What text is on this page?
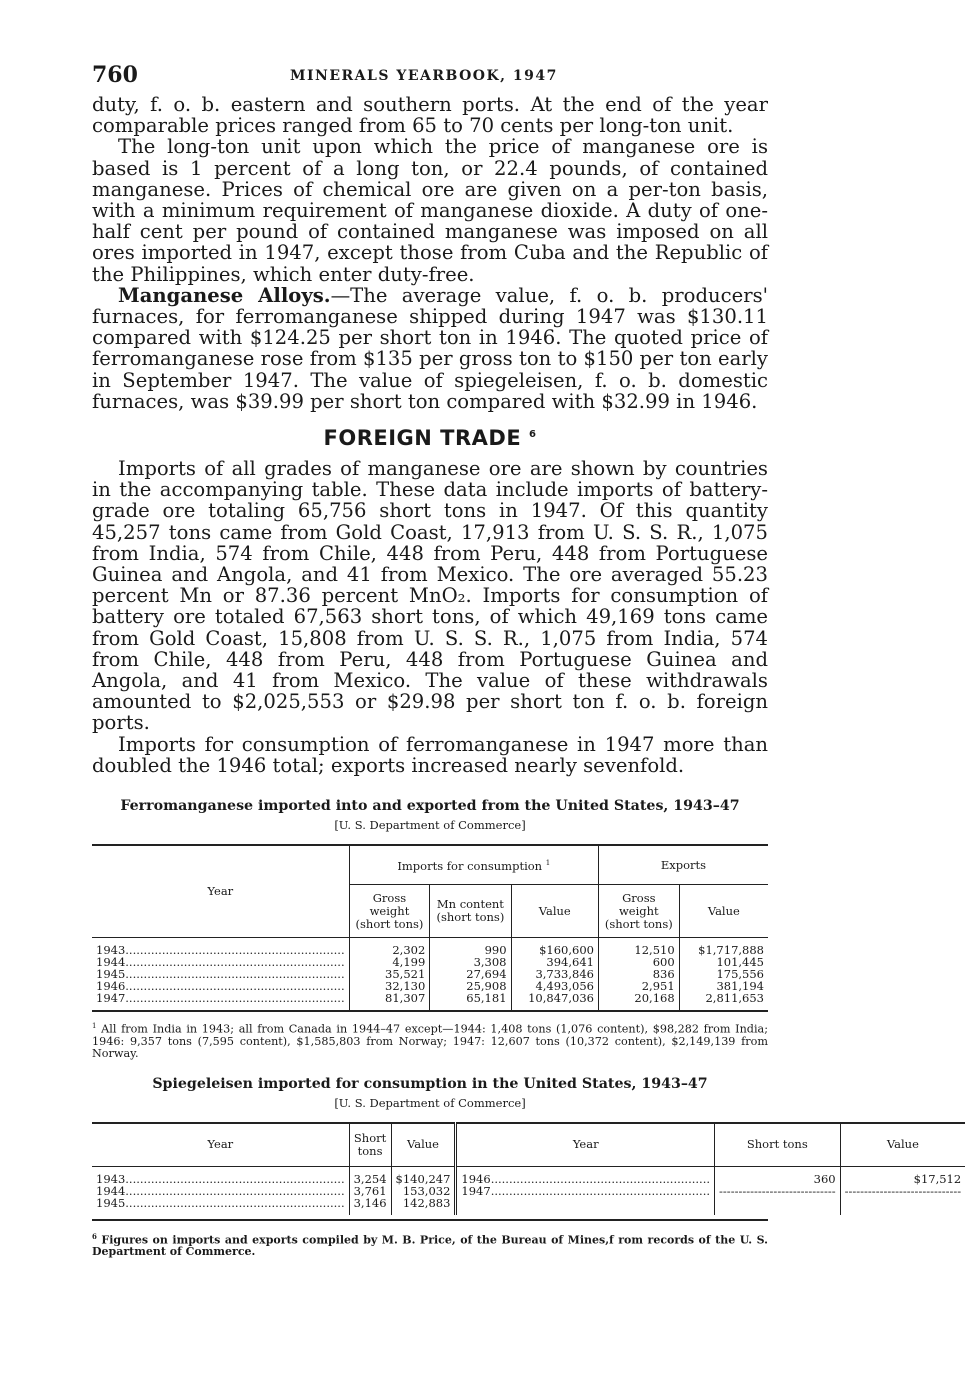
760	MINERALS YEARBOOK, 1947

duty, f. o. b. eastern and southern ports. At the end of the year comparable prices ranged from 65 to 70 cents per long-ton unit.

The long-ton unit upon which the price of manganese ore is based is 1 percent of a long ton, or 22.4 pounds, of contained manganese. Prices of chemical ore are given on a per-ton basis, with a minimum requirement of manganese dioxide. A duty of one-half cent per pound of contained manganese was imposed on all ores imported in 1947, except those from Cuba and the Republic of the Philippines, which enter duty-free.

Manganese Alloys.—The average value, f. o. b. producers' furnaces, for ferromanganese shipped during 1947 was $130.11 compared with $124.25 per short ton in 1946. The quoted price of ferromanganese rose from $135 per gross ton to $150 per ton early in September 1947. The value of spiegeleisen, f. o. b. domestic furnaces, was $39.99 per short ton compared with $32.99 in 1946.

FOREIGN TRADE $^6$

Imports of all grades of manganese ore are shown by countries in the accompanying table. These data include imports of battery-grade ore totaling 65,756 short tons in 1947. Of this quantity 45,257 tons came from Gold Coast, 17,913 from U. S. S. R., 1,075 from India, 574 from Chile, 448 from Peru, 448 from Portuguese Guinea and Angola, and 41 from Mexico. The ore averaged 55.23 percent Mn or 87.36 percent MnO₂. Imports for consumption of battery ore totaled 67,563 short tons, of which 49,169 tons came from Gold Coast, 15,808 from U. S. S. R., 1,075 from India, 574 from Chile, 448 from Peru, 448 from Portuguese Guinea and Angola, and 41 from Mexico. The value of these withdrawals amounted to $2,025,553 or $29.98 per short ton f. o. b. foreign ports.

Imports for consumption of ferromanganese in 1947 more than doubled the 1946 total; exports increased nearly sevenfold.

Ferromanganese imported into and exported from the United States, 1943–47
[U. S. Department of Commerce]
Year	Imports for consumption $^1$			Exports	
	Gross weight (short tons)	Mn content (short tons)	Value	Gross weight (short tons)	Value
1943............................................................	2,302	990	$160,600	12,510	$1,717,888
1944............................................................	4,199	3,308	394,641	600	101,445
1945............................................................	35,521	27,694	3,733,846	836	175,556
1946............................................................	32,130	25,908	4,493,056	2,951	381,194
1947............................................................	81,307	65,181	10,847,036	20,168	2,811,653
$^1$ All from India in 1943; all from Canada in 1944–47 except—1944: 1,408 tons (1,076 content), $98,282 from India; 1946: 9,357 tons (7,595 content), $1,585,803 from Norway; 1947: 12,607 tons (10,372 content), $2,149,139 from Norway.
Spiegeleisen imported for consumption in the United States, 1943–47
[U. S. Department of Commerce]
Year	Short tons	Value	Year	Short tons	Value
1943............................................................	3,254	$140,247	1946............................................................	360	$17,512
1944............................................................	3,761	153,032	1947............................................................	------------------------------	------------------------------
1945............................................................	3,146	142,883			
$^6$ Figures on imports and exports compiled by M. B. Price, of the Bureau of Mines,f rom records of the U. S. Department of Commerce.
